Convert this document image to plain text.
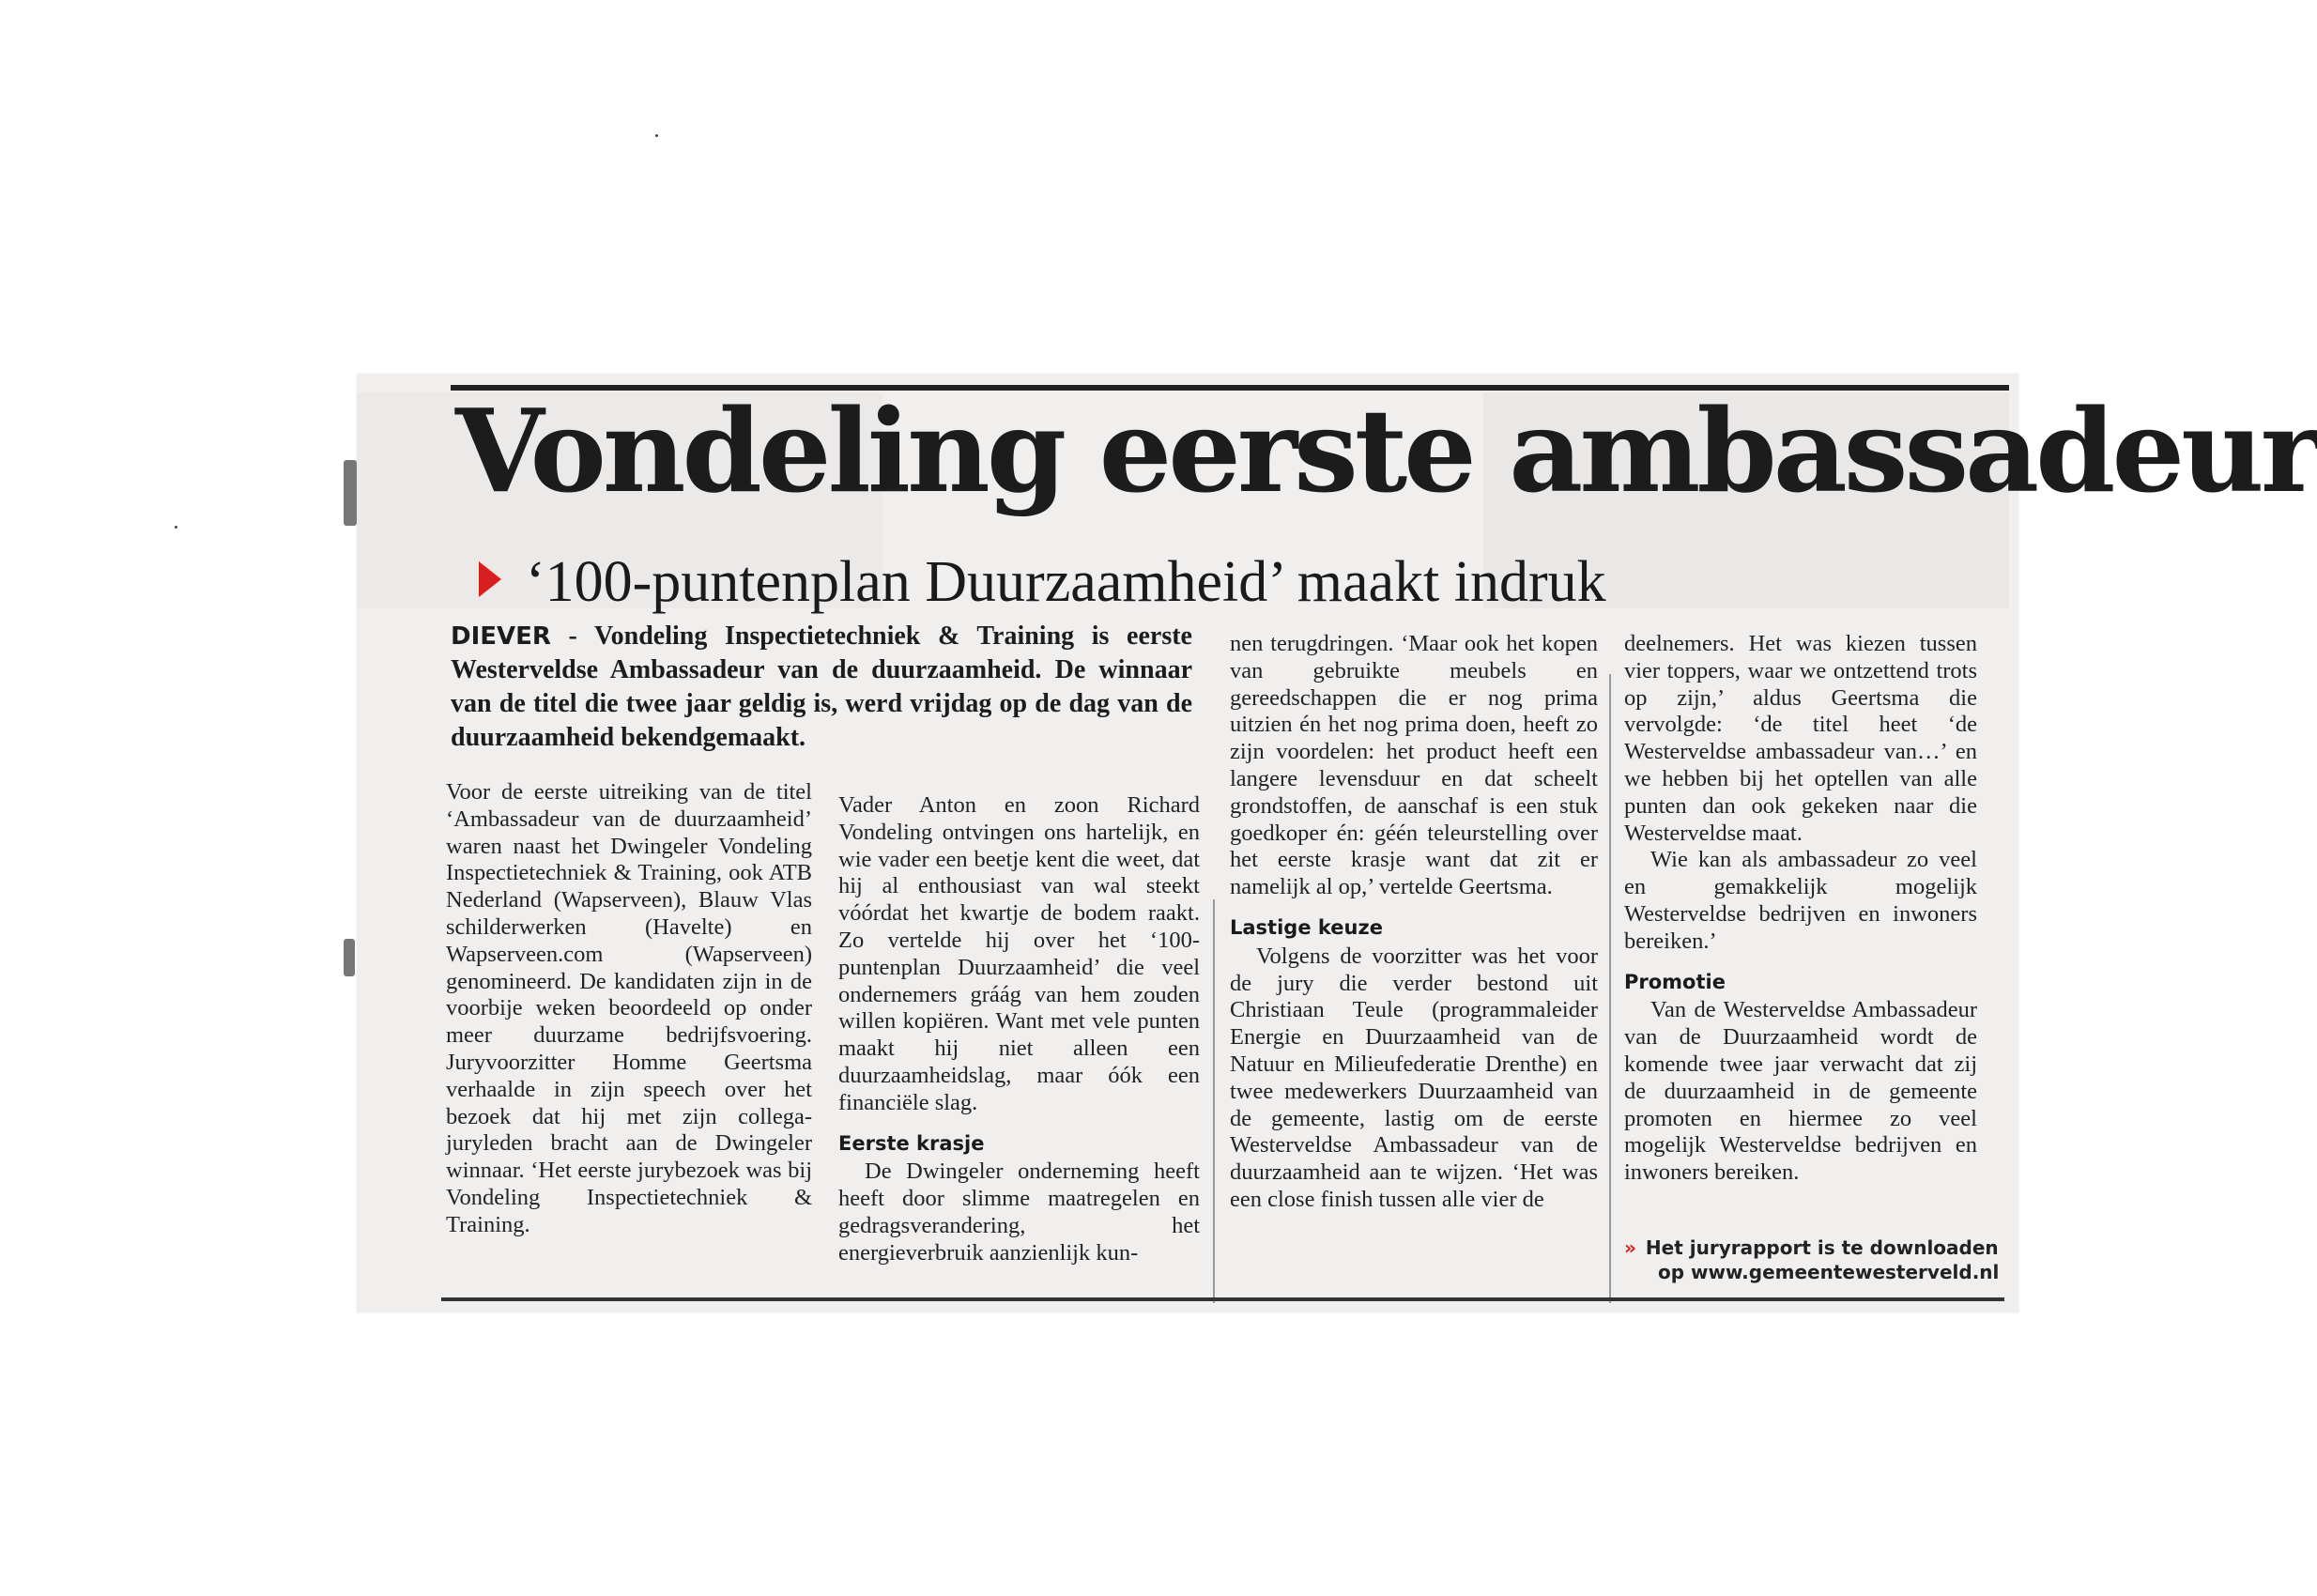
Vondeling eerste ambassadeur
‘100-puntenplan Duurzaamheid’ maakt indruk
DIEVER - Vondeling Inspectietechniek & Training is eerste Westerveldse Ambassadeur van de duurzaamheid. De winnaar van de titel die twee jaar geldig is, werd vrijdag op de dag van de duurzaamheid bekendgemaakt.

Voor de eerste uitreiking van de titel ‘Ambassadeur van de duurzaamheid’ waren naast het Dwingeler Vondeling Inspectietechniek & Training, ook ATB Nederland (Wapserveen), Blauw Vlas schilderwerken (Havelte) en Wapserveen.com (Wapserveen) genomineerd. De kandidaten zijn in de voorbije weken beoordeeld op onder meer duurzame bedrijfsvoering. Juryvoorzitter Homme Geertsma verhaalde in zijn speech over het bezoek dat hij met zijn collega-juryleden bracht aan de Dwingeler winnaar. ‘Het eerste jurybezoek was bij Vondeling Inspectietechniek & Training.

Vader Anton en zoon Richard Vondeling ontvingen ons hartelijk, en wie vader een beetje kent die weet, dat hij al enthousiast van wal steekt vóórdat het kwartje de bodem raakt. Zo vertelde hij over het ‘100-puntenplan Duurzaamheid’ die veel ondernemers gráág van hem zouden willen kopiëren. Want met vele punten maakt hij niet alleen een duurzaamheidslag, maar óók een financiële slag.

Eerste krasje

De Dwingeler onderneming heeft heeft door slimme maatregelen en gedragsverandering, het energieverbruik aanzienlijk kun-

nen terugdringen. ‘Maar ook het kopen van gebruikte meubels en gereedschappen die er nog prima uitzien én het nog prima doen, heeft zo zijn voordelen: het product heeft een langere levensduur en dat scheelt grondstoffen, de aanschaf is een stuk goedkoper én: géén teleurstelling over het eerste krasje want dat zit er namelijk al op,’ vertelde Geertsma.

Lastige keuze

Volgens de voorzitter was het voor de jury die verder bestond uit Christiaan Teule (programmaleider Energie en Duurzaamheid van de Natuur en Milieufederatie Drenthe) en twee medewerkers Duurzaamheid van de gemeente, lastig om de eerste Westerveldse Ambassadeur van de duurzaamheid aan te wijzen. ‘Het was een close finish tussen alle vier de

deelnemers. Het was kiezen tussen vier toppers, waar we ontzettend trots op zijn,’ aldus Geertsma die vervolgde: ‘de titel heet ‘de Westerveldse ambassadeur van…’ en we hebben bij het optellen van alle punten dan ook gekeken naar die Westerveldse maat.

Wie kan als ambassadeur zo veel en gemakkelijk mogelijk Westerveldse bedrijven en inwoners bereiken.’

Promotie

Van de Westerveldse Ambassadeur van de Duurzaamheid wordt de komende twee jaar verwacht dat zij de duurzaamheid in de gemeente promoten en hiermee zo veel mogelijk Westerveldse bedrijven en inwoners bereiken.

» Het juryrapport is te downloaden
op www.gemeentewesterveld.nl
